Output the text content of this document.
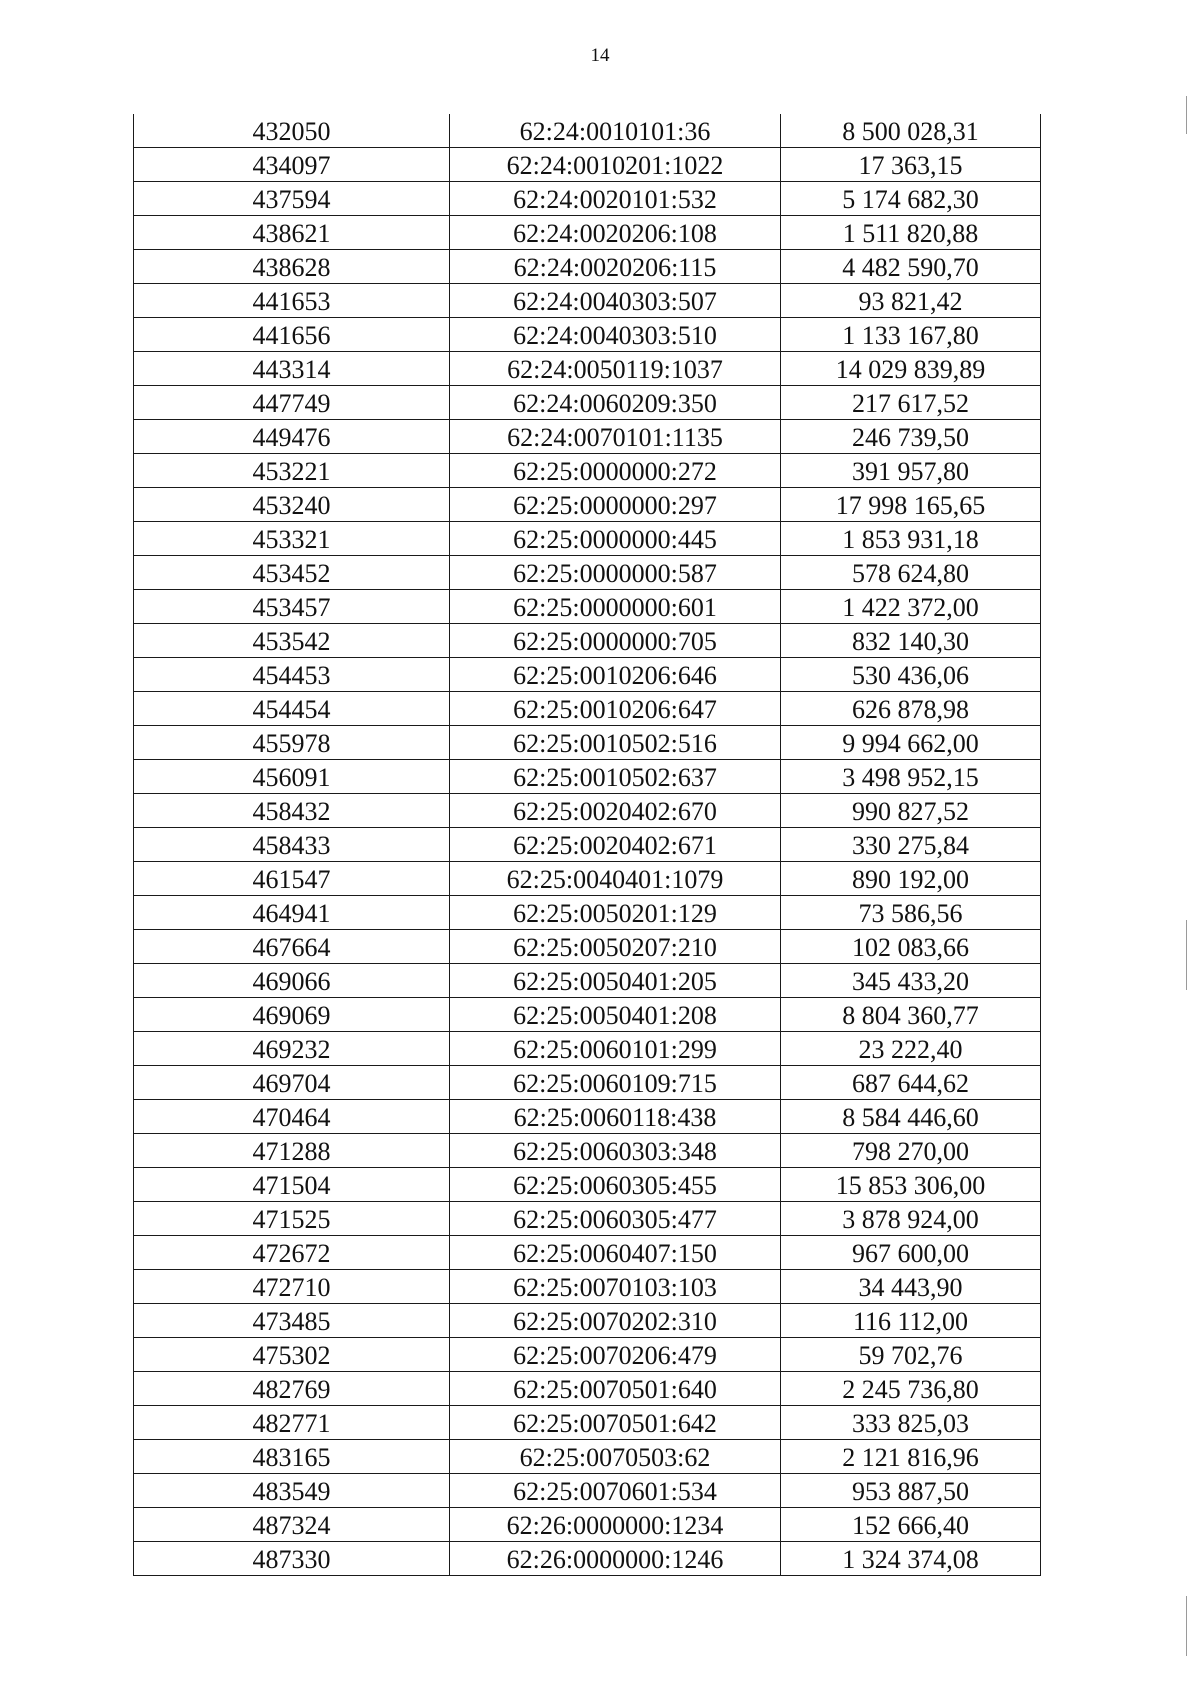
14
432050	62:24:0010101:36	8 500 028,31
434097	62:24:0010201:1022	17 363,15
437594	62:24:0020101:532	5 174 682,30
438621	62:24:0020206:108	1 511 820,88
438628	62:24:0020206:115	4 482 590,70
441653	62:24:0040303:507	93 821,42
441656	62:24:0040303:510	1 133 167,80
443314	62:24:0050119:1037	14 029 839,89
447749	62:24:0060209:350	217 617,52
449476	62:24:0070101:1135	246 739,50
453221	62:25:0000000:272	391 957,80
453240	62:25:0000000:297	17 998 165,65
453321	62:25:0000000:445	1 853 931,18
453452	62:25:0000000:587	578 624,80
453457	62:25:0000000:601	1 422 372,00
453542	62:25:0000000:705	832 140,30
454453	62:25:0010206:646	530 436,06
454454	62:25:0010206:647	626 878,98
455978	62:25:0010502:516	9 994 662,00
456091	62:25:0010502:637	3 498 952,15
458432	62:25:0020402:670	990 827,52
458433	62:25:0020402:671	330 275,84
461547	62:25:0040401:1079	890 192,00
464941	62:25:0050201:129	73 586,56
467664	62:25:0050207:210	102 083,66
469066	62:25:0050401:205	345 433,20
469069	62:25:0050401:208	8 804 360,77
469232	62:25:0060101:299	23 222,40
469704	62:25:0060109:715	687 644,62
470464	62:25:0060118:438	8 584 446,60
471288	62:25:0060303:348	798 270,00
471504	62:25:0060305:455	15 853 306,00
471525	62:25:0060305:477	3 878 924,00
472672	62:25:0060407:150	967 600,00
472710	62:25:0070103:103	34 443,90
473485	62:25:0070202:310	116 112,00
475302	62:25:0070206:479	59 702,76
482769	62:25:0070501:640	2 245 736,80
482771	62:25:0070501:642	333 825,03
483165	62:25:0070503:62	2 121 816,96
483549	62:25:0070601:534	953 887,50
487324	62:26:0000000:1234	152 666,40
487330	62:26:0000000:1246	1 324 374,08
